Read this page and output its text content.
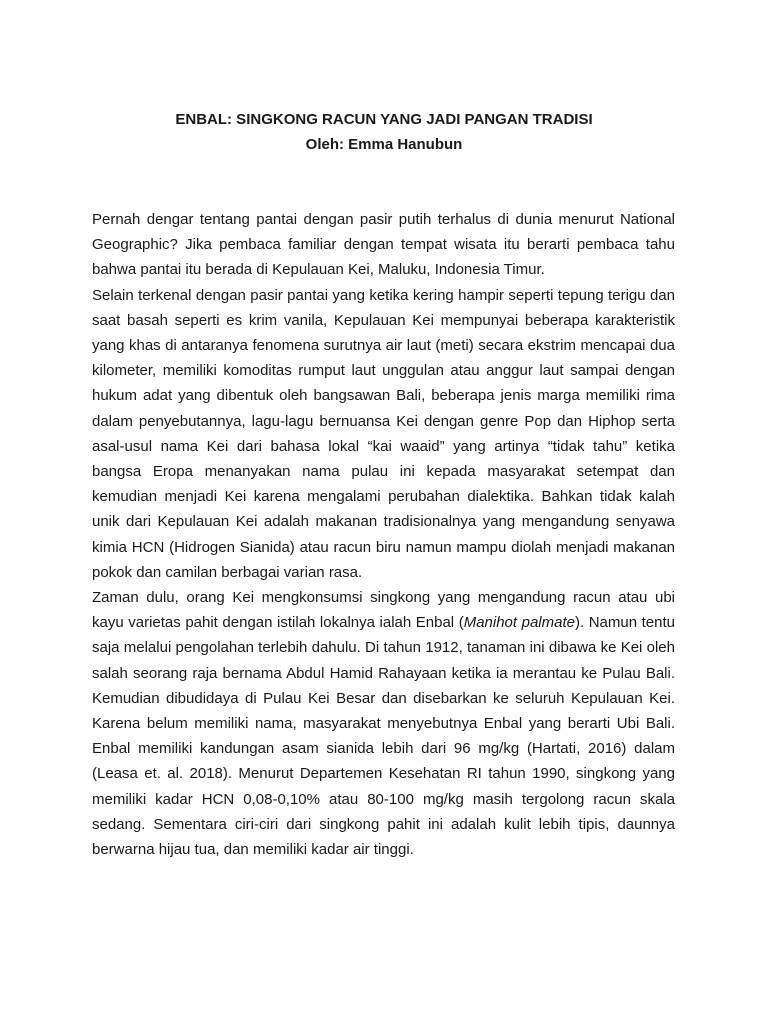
ENBAL: SINGKONG RACUN YANG JADI PANGAN TRADISI
Oleh: Emma Hanubun

Pernah dengar tentang pantai dengan pasir putih terhalus di dunia menurut National Geographic? Jika pembaca familiar dengan tempat wisata itu berarti pembaca tahu bahwa pantai itu berada di Kepulauan Kei, Maluku, Indonesia Timur.

Selain terkenal dengan pasir pantai yang ketika kering hampir seperti tepung terigu dan saat basah seperti es krim vanila, Kepulauan Kei mempunyai beberapa karakteristik yang khas di antaranya fenomena surutnya air laut (meti) secara ekstrim mencapai dua kilometer, memiliki komoditas rumput laut unggulan atau anggur laut sampai dengan hukum adat yang dibentuk oleh bangsawan Bali, beberapa jenis marga memiliki rima dalam penyebutannya, lagu-lagu bernuansa Kei dengan genre Pop dan Hiphop serta asal-usul nama Kei dari bahasa lokal “kai waaid” yang artinya “tidak tahu” ketika bangsa Eropa menanyakan nama pulau ini kepada masyarakat setempat dan kemudian menjadi Kei karena mengalami perubahan dialektika. Bahkan tidak kalah unik dari Kepulauan Kei adalah makanan tradisionalnya yang mengandung senyawa kimia HCN (Hidrogen Sianida) atau racun biru namun mampu diolah menjadi makanan pokok dan camilan berbagai varian rasa.

Zaman dulu, orang Kei mengkonsumsi singkong yang mengandung racun atau ubi kayu varietas pahit dengan istilah lokalnya ialah Enbal (Manihot palmate). Namun tentu saja melalui pengolahan terlebih dahulu. Di tahun 1912, tanaman ini dibawa ke Kei oleh salah seorang raja bernama Abdul Hamid Rahayaan ketika ia merantau ke Pulau Bali. Kemudian dibudidaya di Pulau Kei Besar dan disebarkan ke seluruh Kepulauan Kei. Karena belum memiliki nama, masyarakat menyebutnya Enbal yang berarti Ubi Bali. Enbal memiliki kandungan asam sianida lebih dari 96 mg/kg (Hartati, 2016) dalam (Leasa et. al. 2018). Menurut Departemen Kesehatan RI tahun 1990, singkong yang memiliki kadar HCN 0,08-0,10% atau 80-100 mg/kg masih tergolong racun skala sedang. Sementara ciri-ciri dari singkong pahit ini adalah kulit lebih tipis, daunnya berwarna hijau tua, dan memiliki kadar air tinggi.
